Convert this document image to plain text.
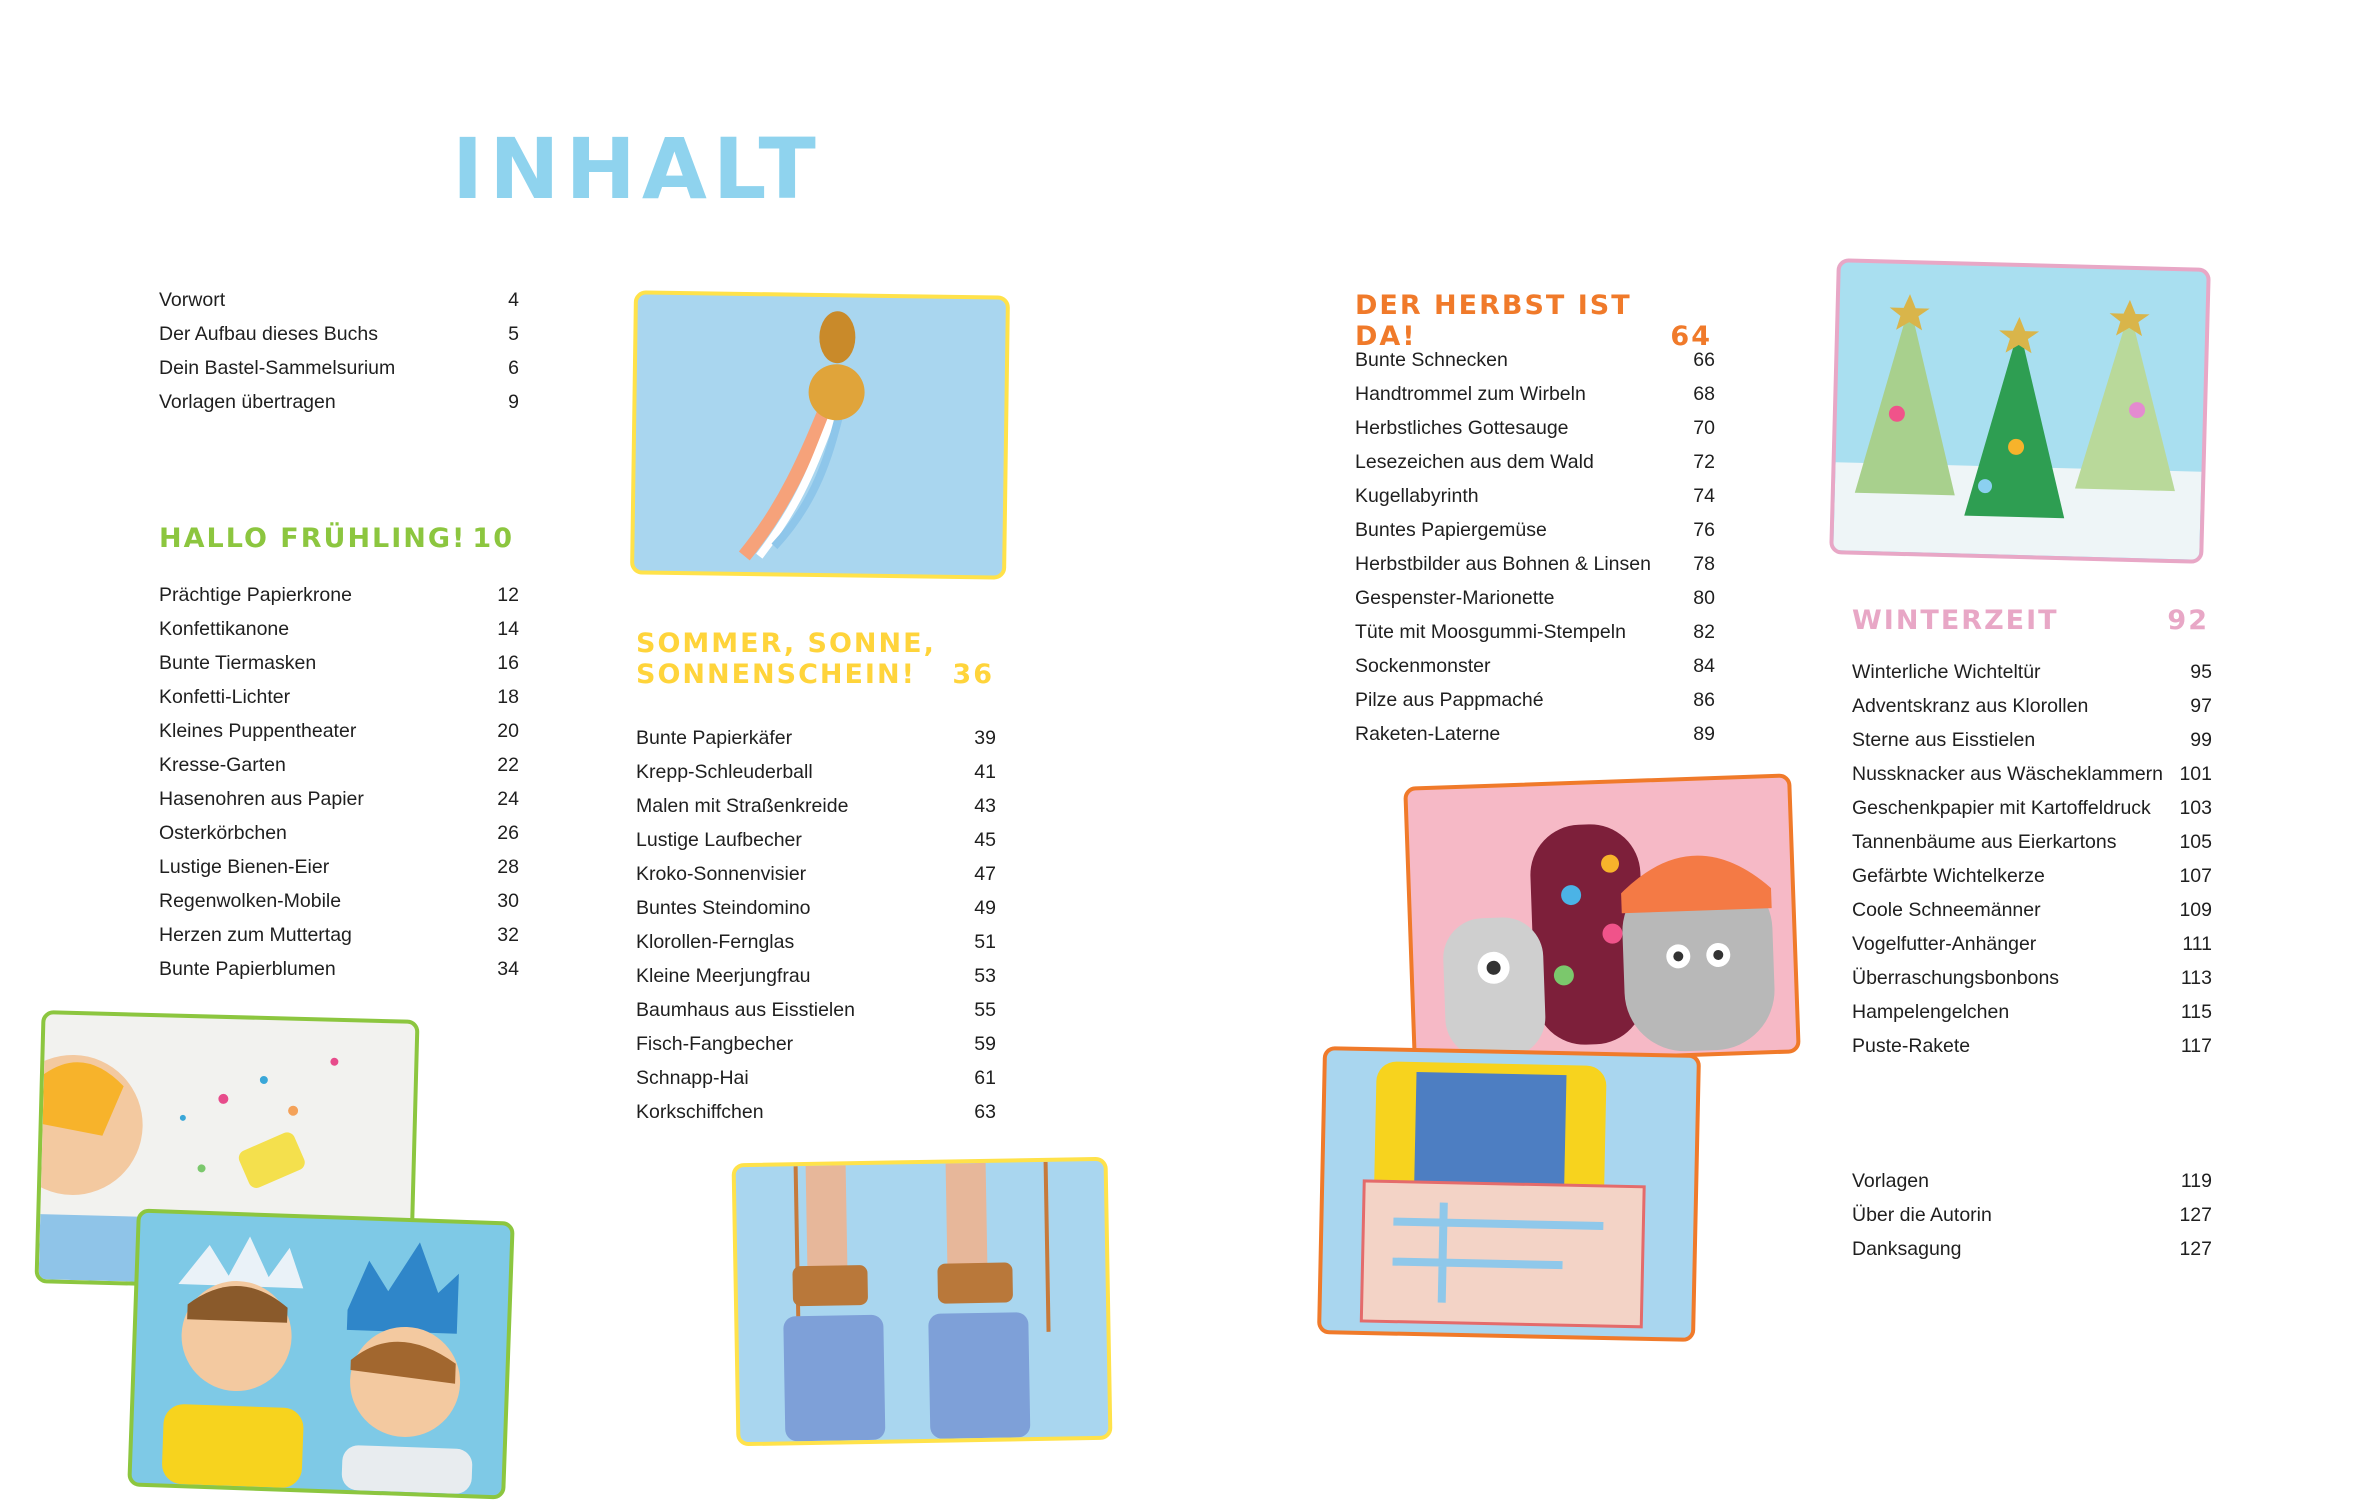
INHALT
Vorwort	4
Der Aufbau dieses Buchs	5
Dein Bastel-Sammelsurium	6
Vorlagen übertragen	9
HALLO FRÜHLING! 10
Prächtige Papierkrone	12
Konfettikanone	14
Bunte Tiermasken	16
Konfetti-Lichter	18
Kleines Puppentheater	20
Kresse-Garten	22
Hasenohren aus Papier	24
Osterkörbchen	26
Lustige Bienen-Eier	28
Regenwolken-Mobile	30
Herzen zum Muttertag	32
Bunte Papierblumen	34
SOMMER, SONNE,
SONNENSCHEIN! 36
Bunte Papierkäfer	39
Krepp-Schleuderball	41
Malen mit Straßenkreide	43
Lustige Laufbecher	45
Kroko-Sonnenvisier	47
Buntes Steindomino	49
Klorollen-Fernglas	51
Kleine Meerjungfrau	53
Baumhaus aus Eisstielen	55
Fisch-Fangbecher	59
Schnapp-Hai	61
Korkschiffchen	63
DER HERBST IST DA!	64
Bunte Schnecken	66
Handtrommel zum Wirbeln	68
Herbstliches Gottesauge	70
Lesezeichen aus dem Wald	72
Kugellabyrinth	74
Buntes Papiergemüse	76
Herbstbilder aus Bohnen & Linsen 78
Gespenster-Marionette	80
Tüte mit Moosgummi-Stempeln	82
Sockenmonster	84
Pilze aus Pappmaché	86
Raketen-Laterne	89
WINTERZEIT	92
Winterliche Wichteltür	95
Adventskranz aus Klorollen	97
Sterne aus Eisstielen	99
Nussknacker aus Wäscheklammern 101
Geschenkpapier mit Kartoffeldruck 103
Tannenbäume aus Eierkartons	105
Gefärbte Wichtelkerze	107
Coole Schneemänner	109
Vogelfutter-Anhänger	111
Überraschungsbonbons	113
Hampelengelchen	115
Puste-Rakete	117
Vorlagen	119
Über die Autorin	127
Danksagung	127
